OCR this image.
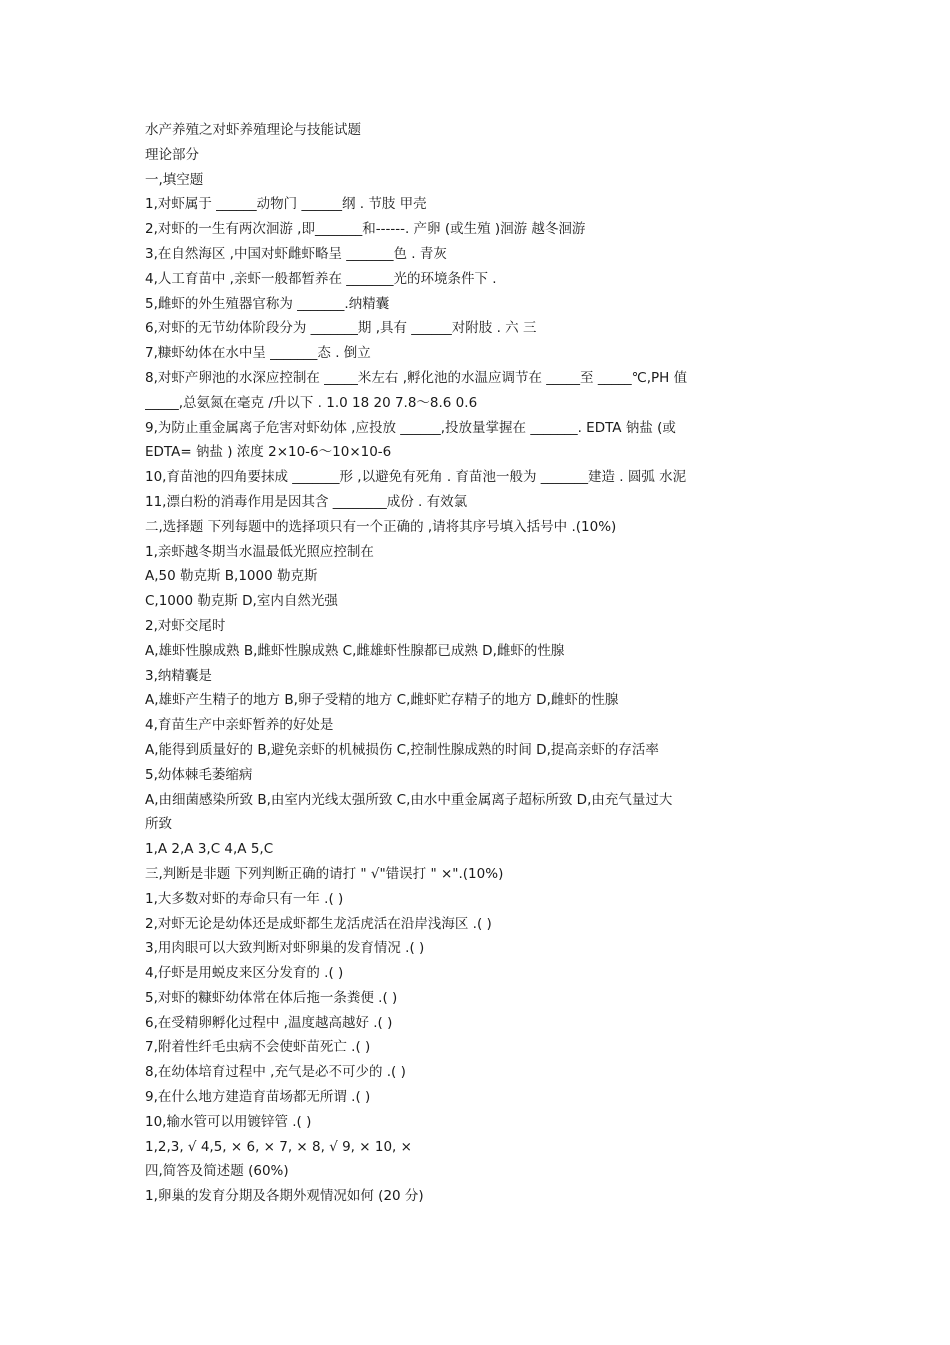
水产养殖之对虾养殖理论与技能试题
理论部分
一,填空题
1,对虾属于 ______动物门 ______纲 . 节肢 甲壳
2,对虾的一生有两次洄游 ,即_______和------. 产卵 (或生殖 )洄游 越冬洄游
3,在自然海区 ,中国对虾雌虾略呈 _______色 . 青灰
4,人工育苗中 ,亲虾一般都暂养在 _______光的环境条件下 .
5,雌虾的外生殖器官称为 _______.纳精囊
6,对虾的无节幼体阶段分为 _______期 ,具有 ______对附肢 . 六 三
7,糠虾幼体在水中呈 _______态 . 倒立
8,对虾产卵池的水深应控制在 _____米左右 ,孵化池的水温应调节在 _____至 _____℃,PH 值
_____,总氨氮在毫克 /升以下 . 1.0 18 20 7.8～8.6 0.6
9,为防止重金属离子危害对虾幼体 ,应投放 ______,投放量掌握在 _______. EDTA 钠盐 (或
EDTA= 钠盐 ) 浓度 2×10-6～10×10-6
10,育苗池的四角要抹成 _______形 ,以避免有死角 . 育苗池一般为 _______建造 . 圆弧 水泥
11,漂白粉的消毒作用是因其含 ________成份 . 有效氯
二,选择题 下列每题中的选择项只有一个正确的 ,请将其序号填入括号中 .(10%)
1,亲虾越冬期当水温最低光照应控制在
A,50 勒克斯 B,1000 勒克斯
C,1000 勒克斯 D,室内自然光强
2,对虾交尾时
A,雄虾性腺成熟 B,雌虾性腺成熟 C,雌雄虾性腺都已成熟 D,雌虾的性腺
3,纳精囊是
A,雄虾产生精子的地方 B,卵子受精的地方 C,雌虾贮存精子的地方 D,雌虾的性腺
4,育苗生产中亲虾暂养的好处是
A,能得到质量好的 B,避免亲虾的机械损伤 C,控制性腺成熟的时间 D,提高亲虾的存活率
5,幼体棘毛萎缩病
A,由细菌感染所致 B,由室内光线太强所致 C,由水中重金属离子超标所致 D,由充气量过大
所致
1,A 2,A 3,C 4,A 5,C
三,判断是非题 下列判断正确的请打 " √"错误打 " ×".(10%)
1,大多数对虾的寿命只有一年 .( )
2,对虾无论是幼体还是成虾都生龙活虎活在沿岸浅海区 .( )
3,用肉眼可以大致判断对虾卵巢的发育情况 .( )
4,仔虾是用蜕皮来区分发育的 .( )
5,对虾的糠虾幼体常在体后拖一条粪便 .( )
6,在受精卵孵化过程中 ,温度越高越好 .( )
7,附着性纤毛虫病不会使虾苗死亡 .( )
8,在幼体培育过程中 ,充气是必不可少的 .( )
9,在什么地方建造育苗场都无所谓 .( )
10,输水管可以用镀锌管 .( )
1,2,3, √ 4,5, × 6, × 7, × 8, √ 9, × 10, ×
四,简答及简述题 (60%)
1,卵巢的发育分期及各期外观情况如何 (20 分)
